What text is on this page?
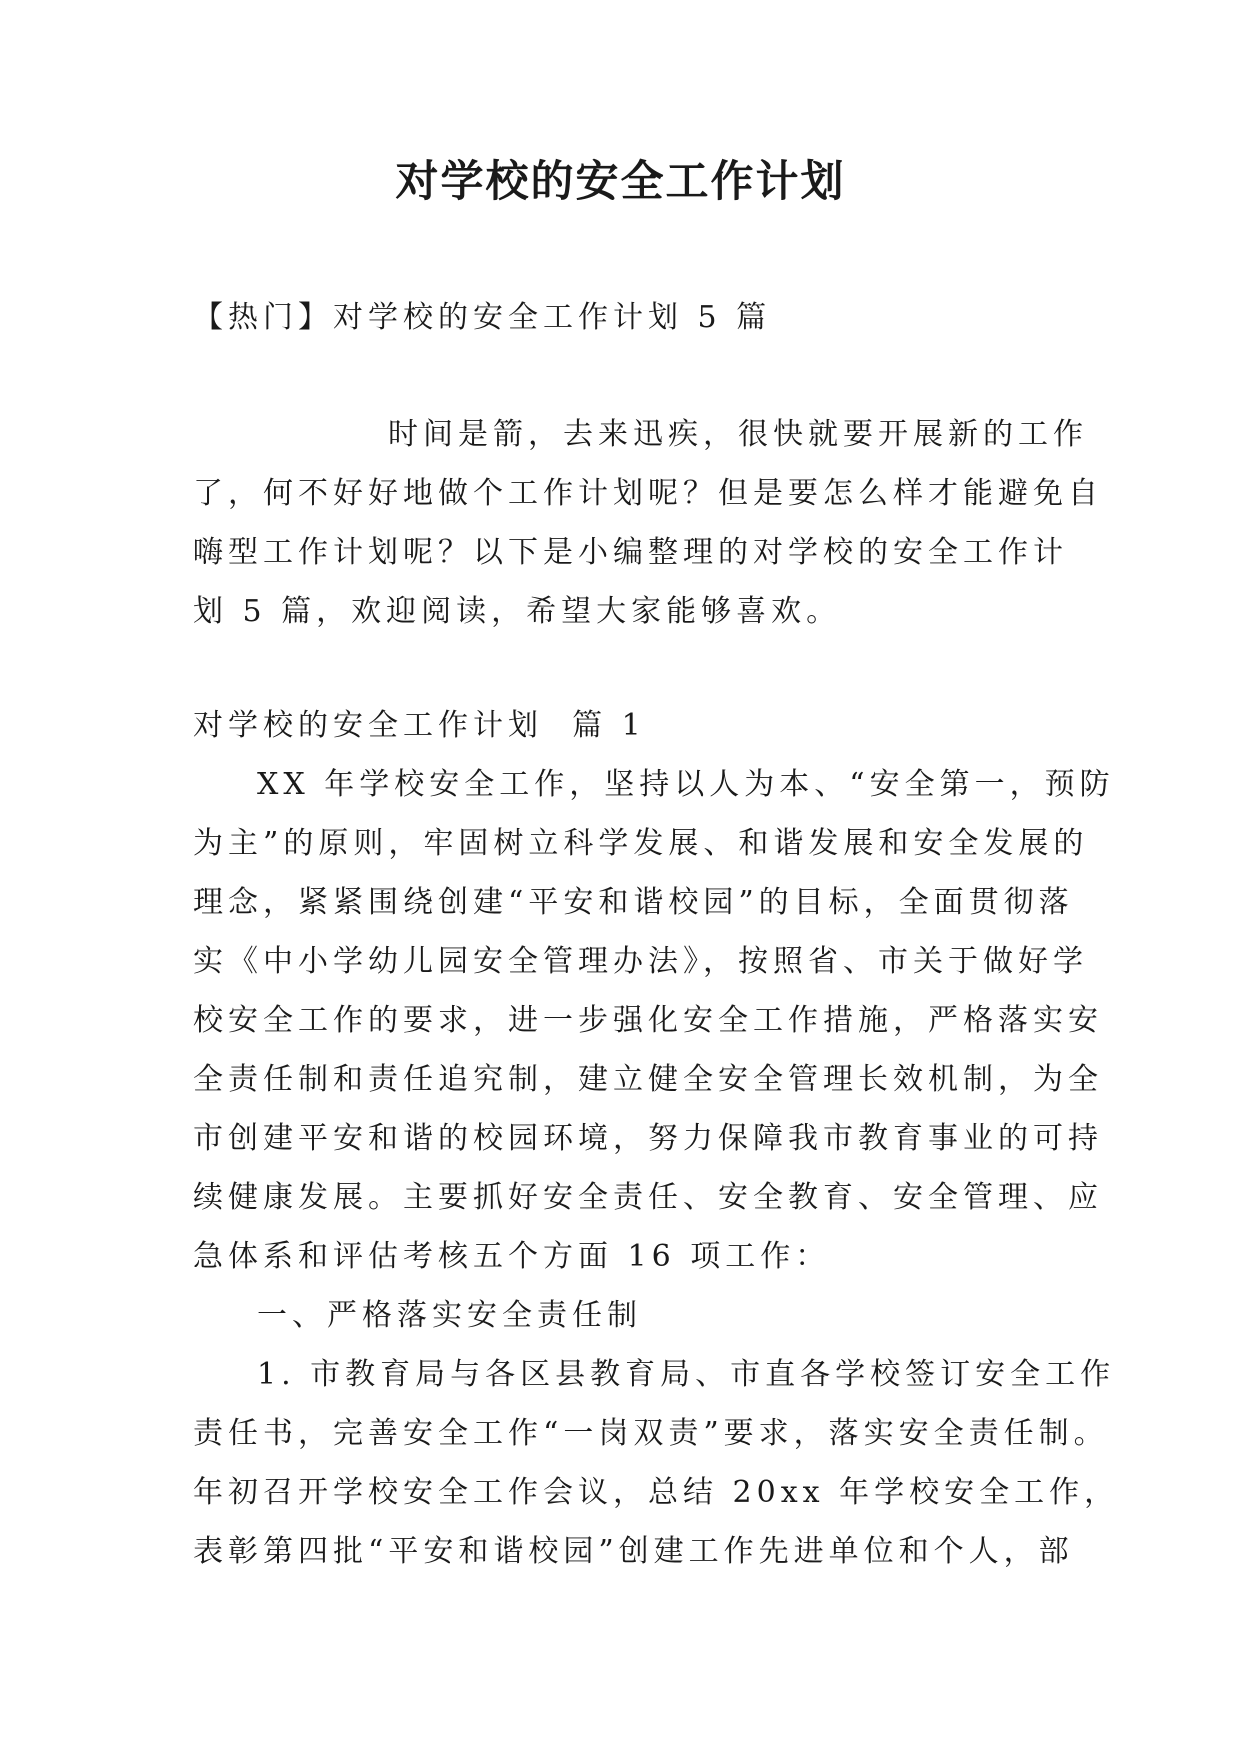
对学校的安全工作计划

【热门】对学校的安全工作计划 5 篇

时间是箭，去来迅疾，很快就要开展新的工作
了，何不好好地做个工作计划呢？但是要怎么样才能避免自
嗨型工作计划呢？以下是小编整理的对学校的安全工作计
划 5 篇，欢迎阅读，希望大家能够喜欢。

对学校的安全工作计划  篇 1

XX 年学校安全工作，坚持以人为本、“安全第一，预防
为主”的原则，牢固树立科学发展、和谐发展和安全发展的
理念，紧紧围绕创建“平安和谐校园”的目标，全面贯彻落
实《中小学幼儿园安全管理办法》，按照省、市关于做好学
校安全工作的要求，进一步强化安全工作措施，严格落实安
全责任制和责任追究制，建立健全安全管理长效机制，为全
市创建平安和谐的校园环境，努力保障我市教育事业的可持
续健康发展。主要抓好安全责任、安全教育、安全管理、应
急体系和评估考核五个方面 16 项工作：

一、严格落实安全责任制

1. 市教育局与各区县教育局、市直各学校签订安全工作
责任书，完善安全工作“一岗双责”要求，落实安全责任制。
年初召开学校安全工作会议，总结 20xx 年学校安全工作，
表彰第四批“平安和谐校园”创建工作先进单位和个人，部
